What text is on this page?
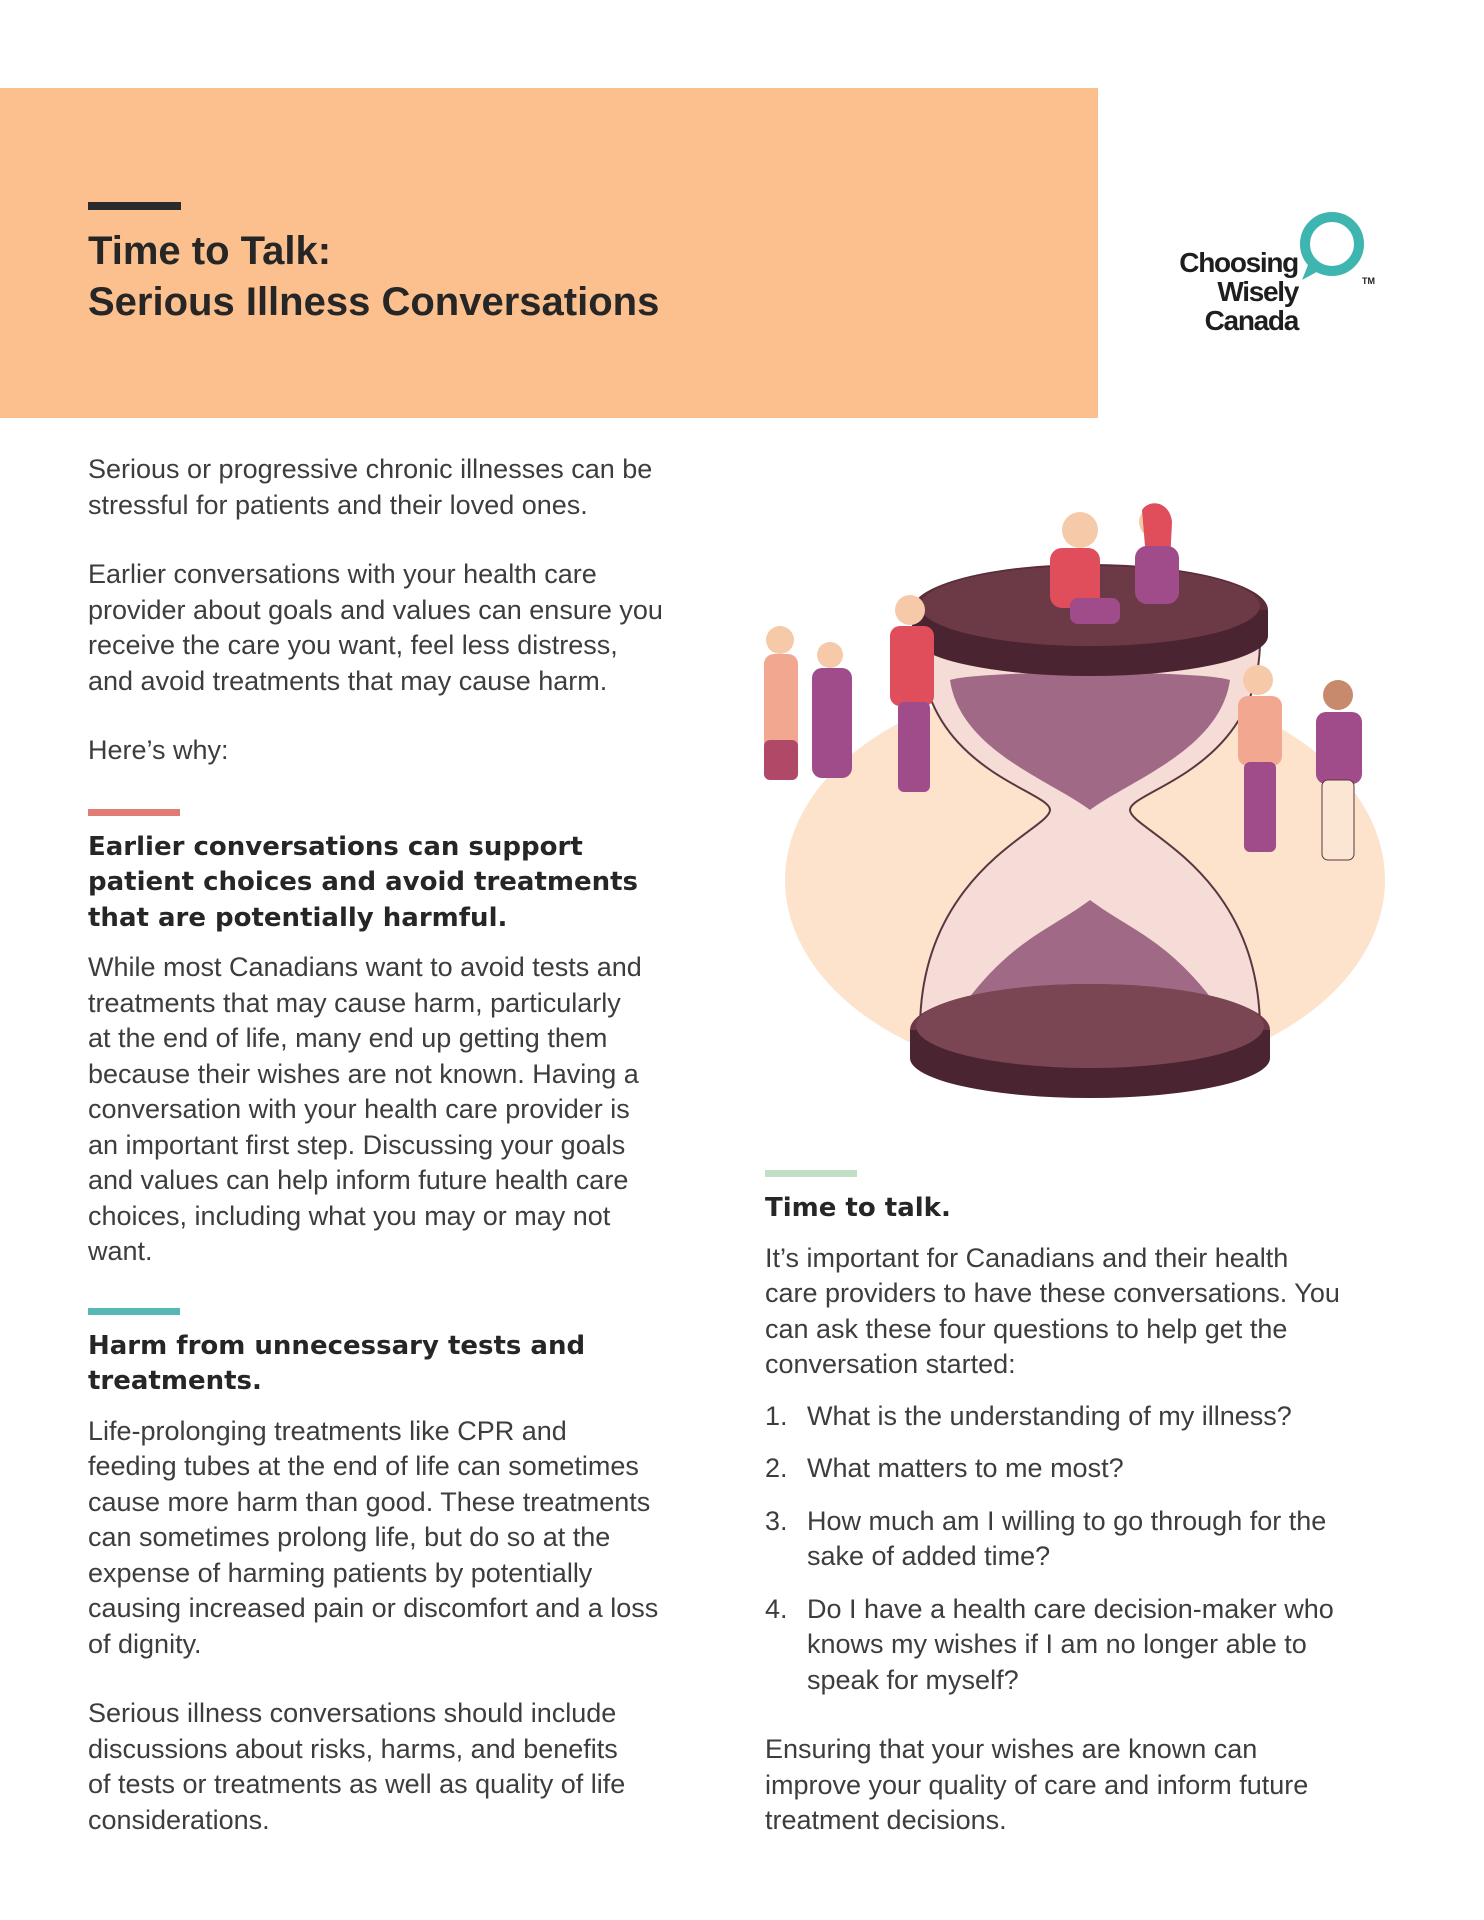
Time to Talk:
Serious Illness Conversations
Choosing
Wisely
Canada
TM

Serious or progressive chronic illnesses can be
stressful for patients and their loved ones.

Earlier conversations with your health care
provider about goals and values can ensure you
receive the care you want, feel less distress,
and avoid treatments that may cause harm.

Here’s why:

Earlier conversations can support
patient choices and avoid treatments
that are potentially harmful.

While most Canadians want to avoid tests and
treatments that may cause harm, particularly
at the end of life, many end up getting them
because their wishes are not known. Having a
conversation with your health care provider is
an important first step. Discussing your goals
and values can help inform future health care
choices, including what you may or may not
want.

Harm from unnecessary tests and
treatments.

Life-prolonging treatments like CPR and
feeding tubes at the end of life can sometimes
cause more harm than good. These treatments
can sometimes prolong life, but do so at the
expense of harming patients by potentially
causing increased pain or discomfort and a loss
of dignity.

Serious illness conversations should include
discussions about risks, harms, and benefits
of tests or treatments as well as quality of life
considerations.

Time to talk.

It’s important for Canadians and their health
care providers to have these conversations. You
can ask these four questions to help get the
conversation started:

1. What is the understanding of my illness?
2. What matters to me most?
3. How much am I willing to go through for the
sake of added time?
4. Do I have a health care decision-maker who
knows my wishes if I am no longer able to
speak for myself?

Ensuring that your wishes are known can
improve your quality of care and inform future
treatment decisions.
